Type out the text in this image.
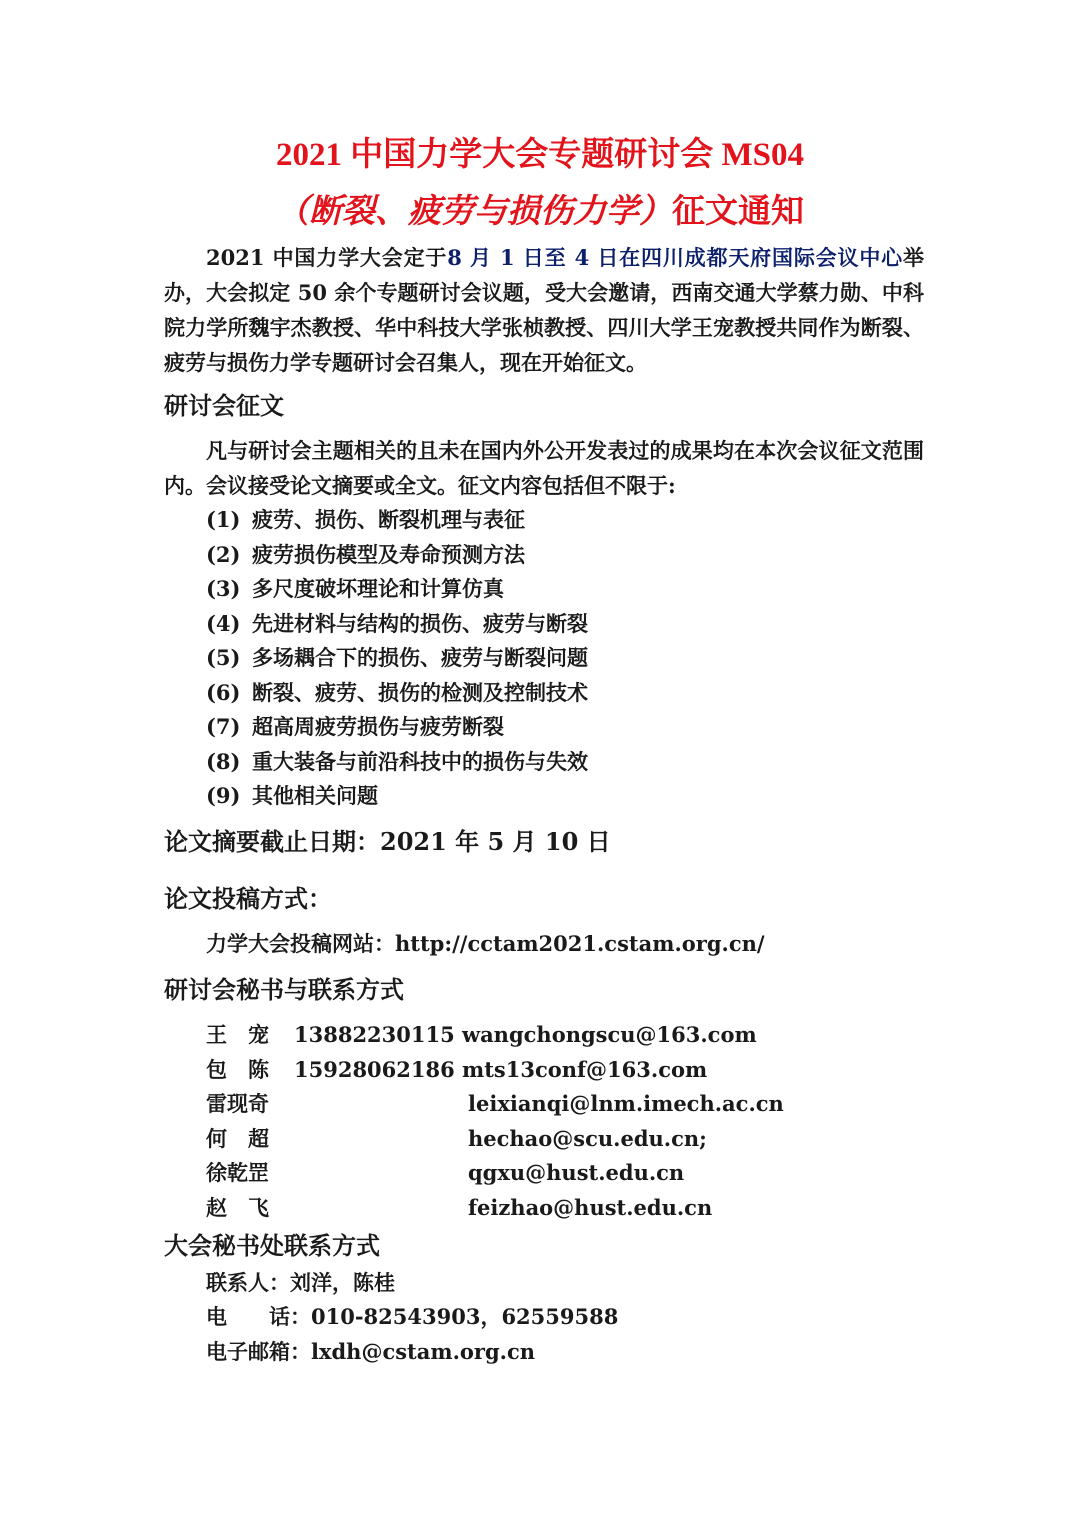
2021 中国力学大会专题研讨会 MS04
（断裂、疲劳与损伤力学）征文通知
2021 中国力学大会定于8 月 1 日至 4 日在四川成都天府国际会议中心举办，大会拟定 50 余个专题研讨会议题，受大会邀请，西南交通大学蔡力勋、中科院力学所魏宇杰教授、华中科技大学张桢教授、四川大学王宠教授共同作为断裂、疲劳与损伤力学专题研讨会召集人，现在开始征文。
研讨会征文
凡与研讨会主题相关的且未在国内外公开发表过的成果均在本次会议征文范围内。会议接受论文摘要或全文。征文内容包括但不限于:
(1) 疲劳、损伤、断裂机理与表征
(2) 疲劳损伤模型及寿命预测方法
(3) 多尺度破坏理论和计算仿真
(4) 先进材料与结构的损伤、疲劳与断裂
(5) 多场耦合下的损伤、疲劳与断裂问题
(6) 断裂、疲劳、损伤的检测及控制技术
(7) 超高周疲劳损伤与疲劳断裂
(8) 重大装备与前沿科技中的损伤与失效
(9) 其他相关问题
论文摘要截止日期：2021 年 5 月 10 日
论文投稿方式：
力学大会投稿网站：http://cctam2021.cstam.org.cn/
研讨会秘书与联系方式
王　宠 13882230115 wangchongscu@163.com
包　陈 15928062186 mts13conf@163.com
雷现奇	leixianqi@lnm.imech.ac.cn
何　超	hechao@scu.edu.cn;
徐乾罡	qgxu@hust.edu.cn
赵　飞	feizhao@hust.edu.cn
大会秘书处联系方式
联系人：刘洋，陈桂
电　　话：010-82543903，62559588
电子邮箱：lxdh@cstam.org.cn
